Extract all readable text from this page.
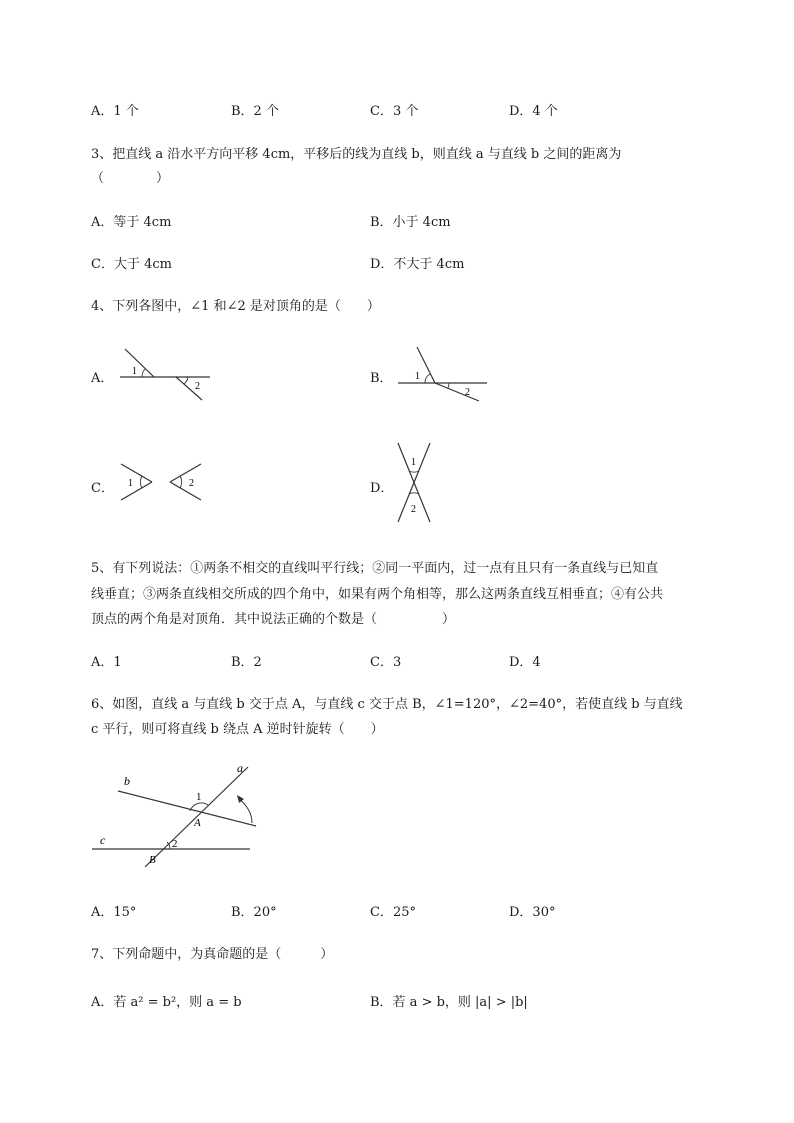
A．1 个	B．2 个	C．3 个	D．4 个
3、把直线 a 沿水平方向平移 4cm，平移后的线为直线 b，则直线 a 与直线 b 之间的距离为
（　　　　）
A．等于 4cm	B．小于 4cm
C．大于 4cm	D．不大于 4cm
4、下列各图中，∠1 和∠2 是对顶角的是（　　）
A． 1
2
B． 1
2
C． 1	2	D．
1
2
5、有下列说法：①两条不相交的直线叫平行线；②同一平面内，过一点有且只有一条直线与已知直
线垂直；③两条直线相交所成的四个角中，如果有两个角相等，那么这两条直线互相垂直；④有公共
顶点的两个角是对顶角．其中说法正确的个数是（　　　　　）
A．1	B．2	C．3	D．4
6、如图，直线 a 与直线 b 交于点 A，与直线 c 交于点 B，∠1=120°，∠2=40°，若使直线 b 与直线
c 平行，则可将直线 b 绕点 A 逆时针旋转（　　）
a
b
c
A
B
1
2
A．15°	B．20°	C．25°	D．30°
7、下列命题中，为真命题的是（　　　）
A．若 a² = b²，则 a = b	B．若 a > b，则 |a| > |b|
